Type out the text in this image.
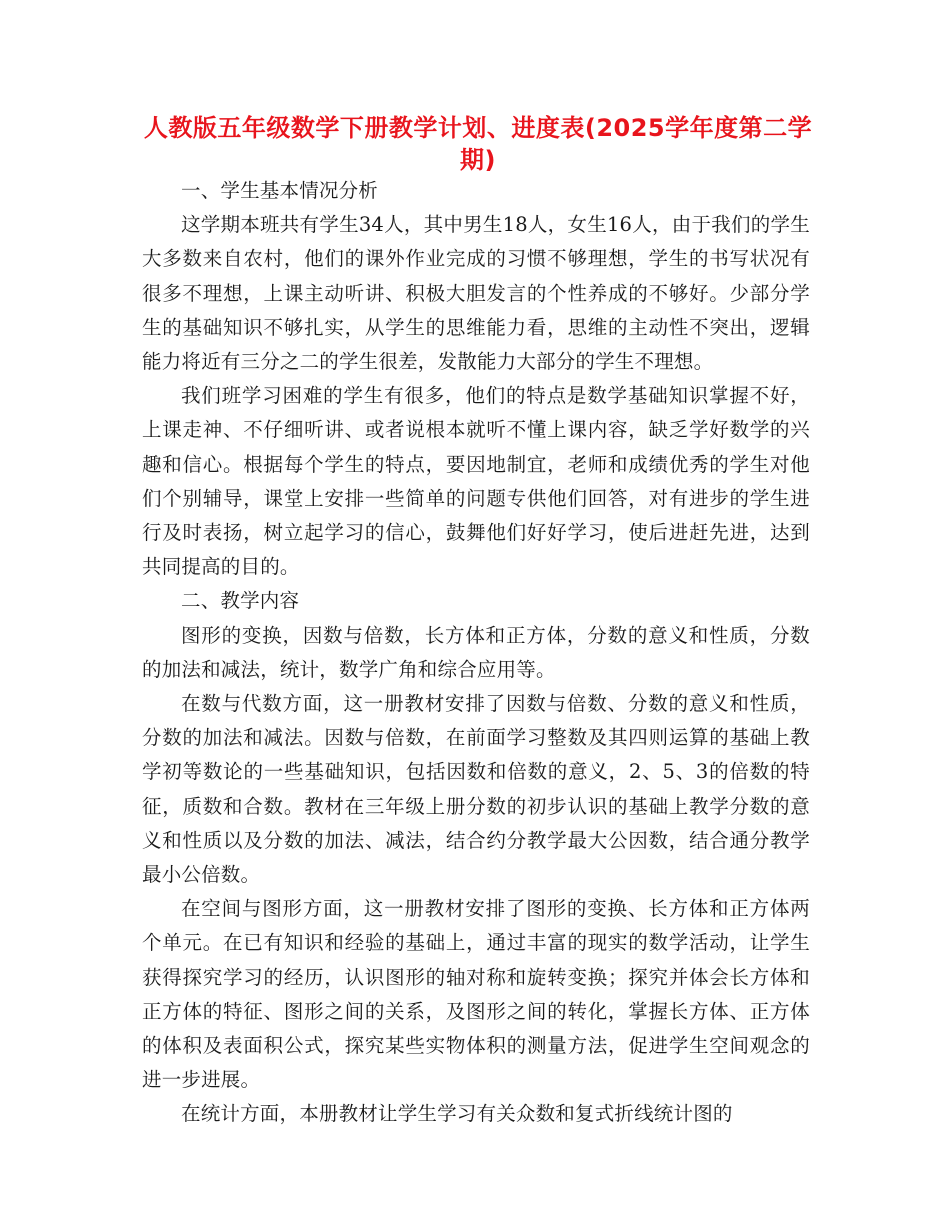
人教版五年级数学下册教学计划、进度表(2025学年度第二学期)

一、学生基本情况分析

这学期本班共有学生34人，其中男生18人，女生16人，由于我们的学生大多数来自农村，他们的课外作业完成的习惯不够理想，学生的书写状况有很多不理想，上课主动听讲、积极大胆发言的个性养成的不够好。少部分学生的基础知识不够扎实，从学生的思维能力看，思维的主动性不突出，逻辑能力将近有三分之二的学生很差，发散能力大部分的学生不理想。

我们班学习困难的学生有很多，他们的特点是数学基础知识掌握不好，上课走神、不仔细听讲、或者说根本就听不懂上课内容，缺乏学好数学的兴趣和信心。根据每个学生的特点，要因地制宜，老师和成绩优秀的学生对他们个别辅导，课堂上安排一些简单的问题专供他们回答，对有进步的学生进行及时表扬，树立起学习的信心，鼓舞他们好好学习，使后进赶先进，达到共同提高的目的。

二、教学内容

图形的变换，因数与倍数，长方体和正方体，分数的意义和性质，分数的加法和减法，统计，数学广角和综合应用等。

在数与代数方面，这一册教材安排了因数与倍数、分数的意义和性质，分数的加法和减法。因数与倍数，在前面学习整数及其四则运算的基础上教学初等数论的一些基础知识，包括因数和倍数的意义，2、5、3的倍数的特征，质数和合数。教材在三年级上册分数的初步认识的基础上教学分数的意义和性质以及分数的加法、减法，结合约分教学最大公因数，结合通分教学最小公倍数。

在空间与图形方面，这一册教材安排了图形的变换、长方体和正方体两个单元。在已有知识和经验的基础上，通过丰富的现实的数学活动，让学生获得探究学习的经历，认识图形的轴对称和旋转变换；探究并体会长方体和正方体的特征、图形之间的关系，及图形之间的转化，掌握长方体、正方体的体积及表面积公式，探究某些实物体积的测量方法，促进学生空间观念的进一步进展。

在统计方面，本册教材让学生学习有关众数和复式折线统计图的
